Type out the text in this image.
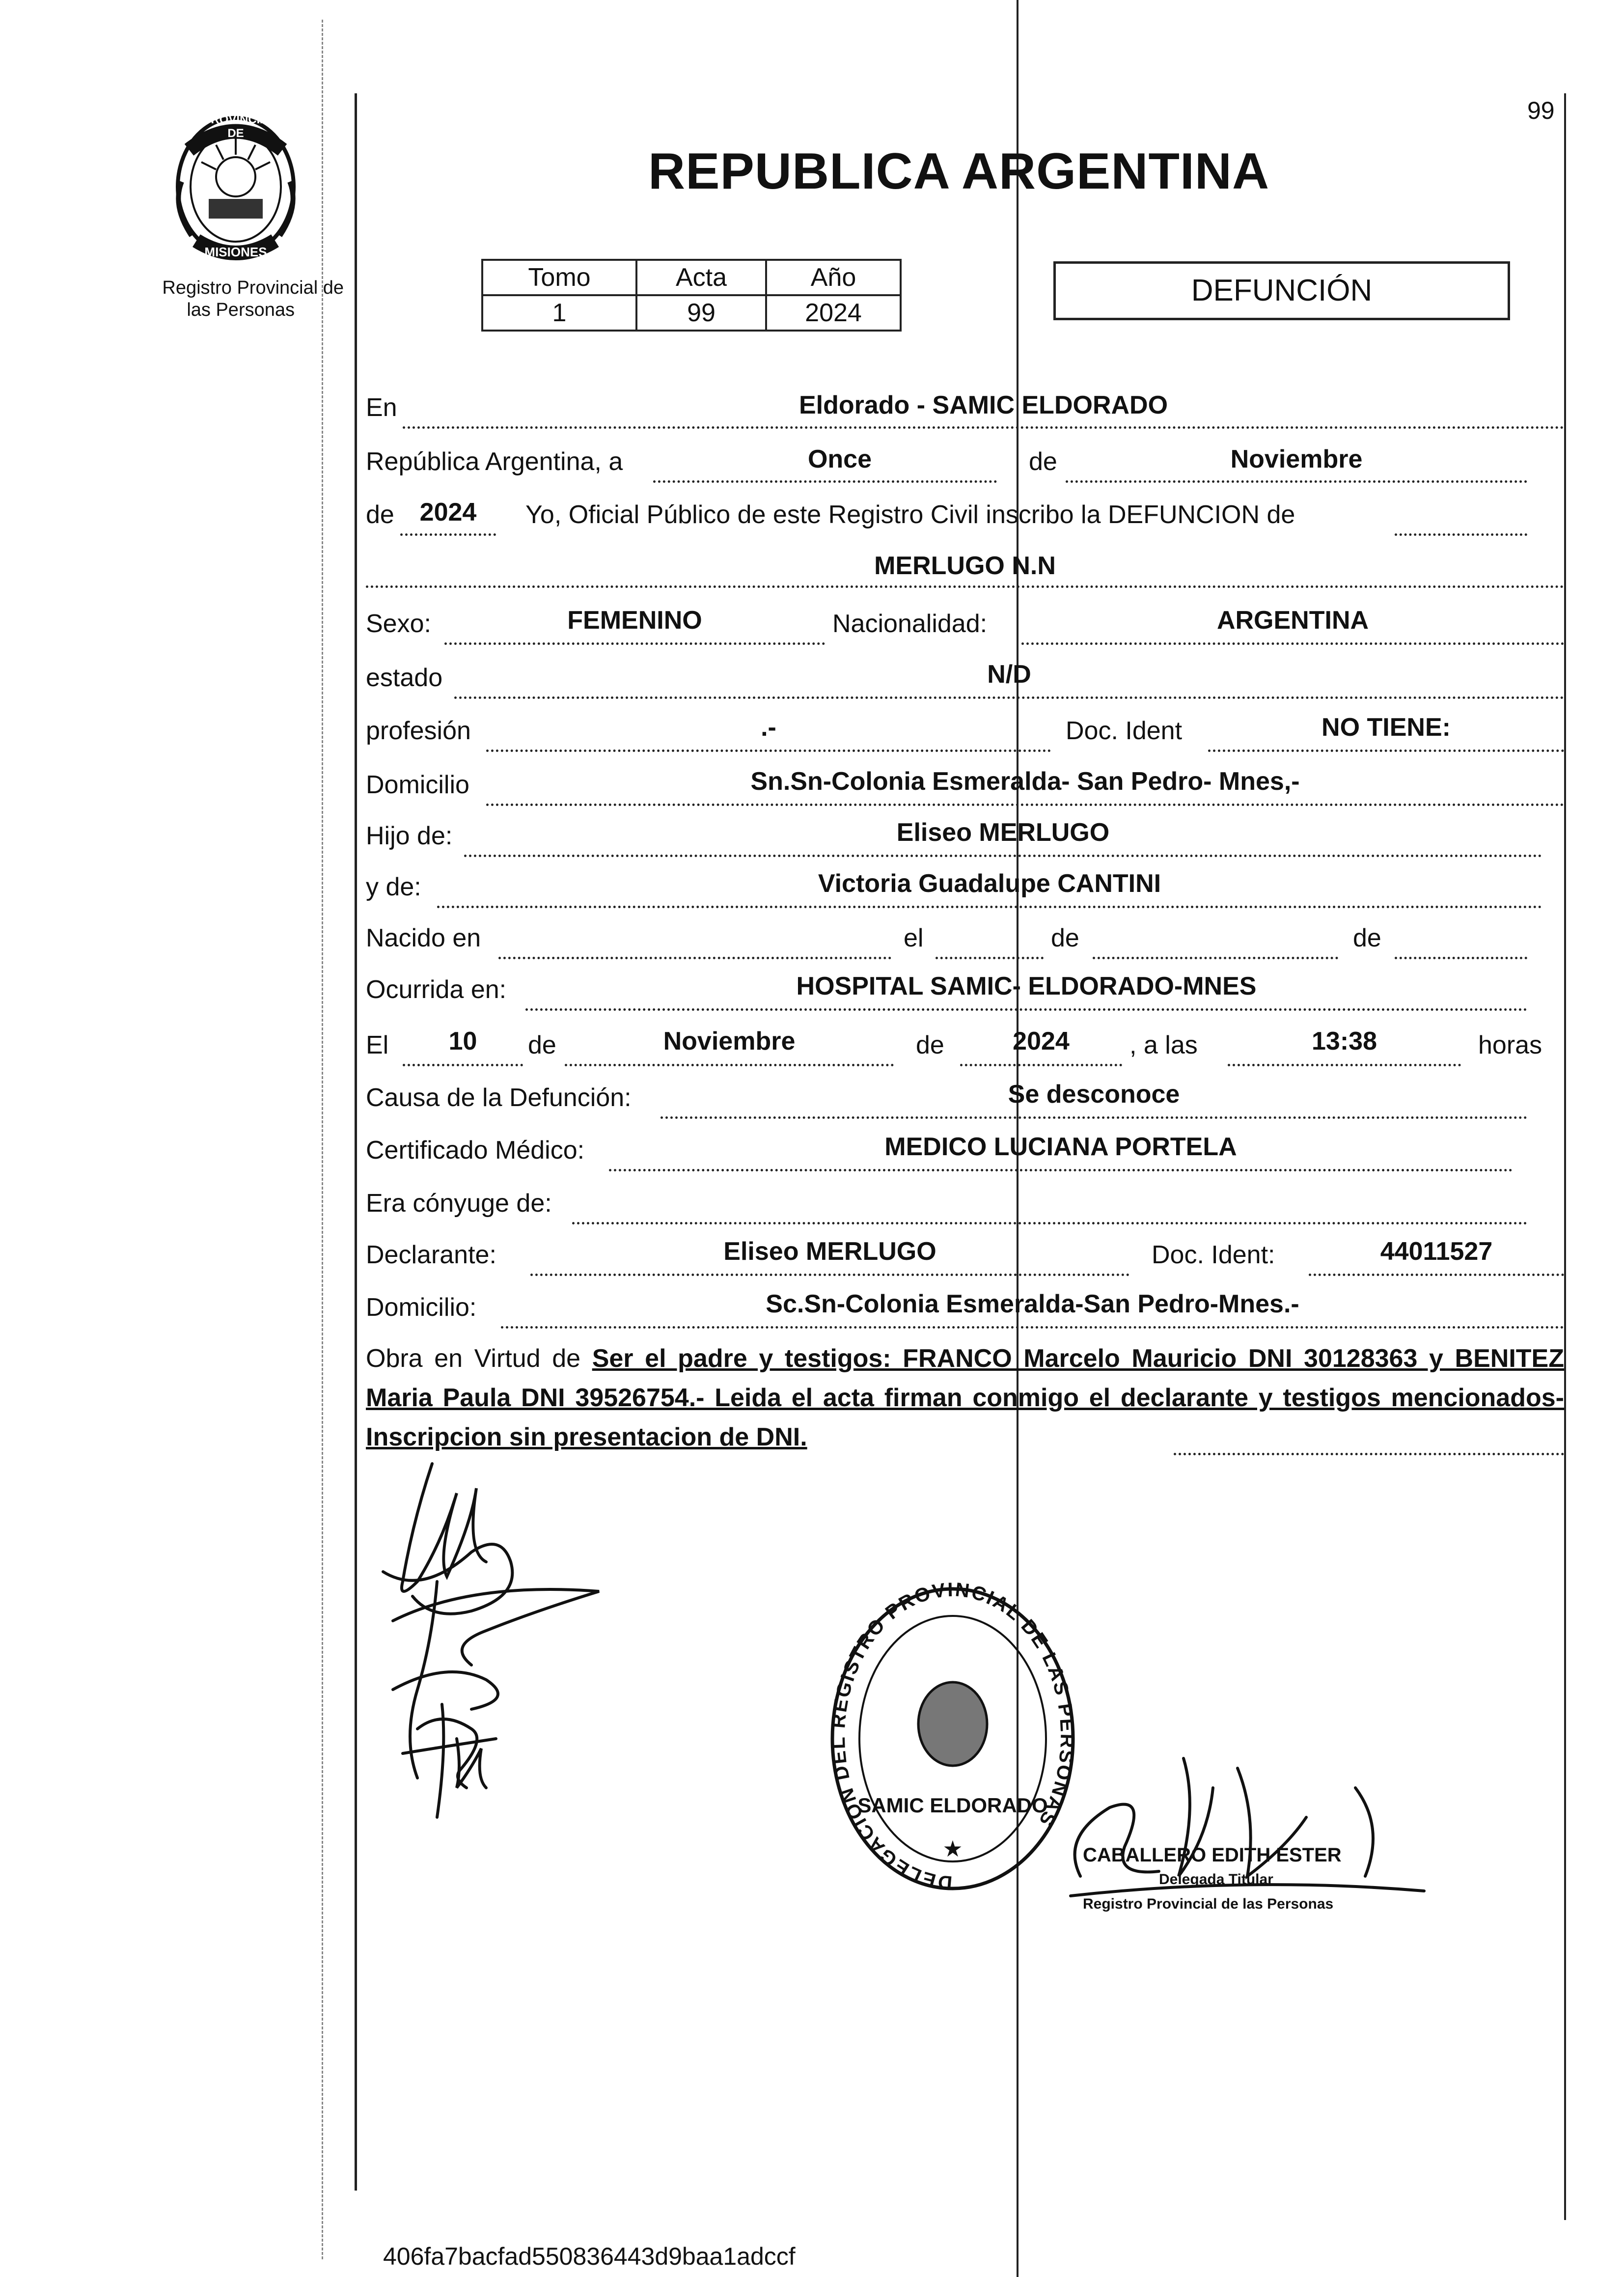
99
PROVINCIA DE
MISIONES
Registro Provincial de
las Personas
REPUBLICA ARGENTINA
Tomo	Acta	Año
1	99	2024
DEFUNCIÓN
En	Eldorado - SAMIC ELDORADO
República Argentina, a	Once	de	Noviembre
de 2024	Yo, Oficial Público de este Registro Civil inscribo la DEFUNCION de
MERLUGO N.N
Sexo:	FEMENINO	Nacionalidad:	ARGENTINA
estado	N/D
profesión	.-	Doc. Ident	NO TIENE:
Domicilio	Sn.Sn-Colonia Esmeralda- San Pedro- Mnes,-
Hijo de:	Eliseo MERLUGO
y de:	Victoria Guadalupe CANTINI
Nacido en	el	de	de
Ocurrida en:	HOSPITAL SAMIC- ELDORADO-MNES
El	10	de	Noviembre	de	2024	, a las	13:38	horas
Causa de la Defunción:	Se desconoce
Certificado Médico:	MEDICO LUCIANA PORTELA
Era cónyuge de:
Declarante:	Eliseo MERLUGO	Doc. Ident:	44011527
Domicilio:	Sc.Sn-Colonia Esmeralda-San Pedro-Mnes.-
Obra en Virtud de Ser el padre y testigos: FRANCO Marcelo Mauricio DNI 30128363 y BENITEZ Maria Paula DNI 39526754.- Leida el acta firman conmigo el declarante y testigos mencionados- Inscripcion sin presentacion de DNI.
DELEGACION DEL REGISTRO PROVINCIAL DE LAS PERSONAS
SAMIC ELDORADO
★	CABALLERO EDITH ESTER
Delegada Titular
Registro Provincial de las Personas
406fa7bacfad550836443d9baa1adccf
